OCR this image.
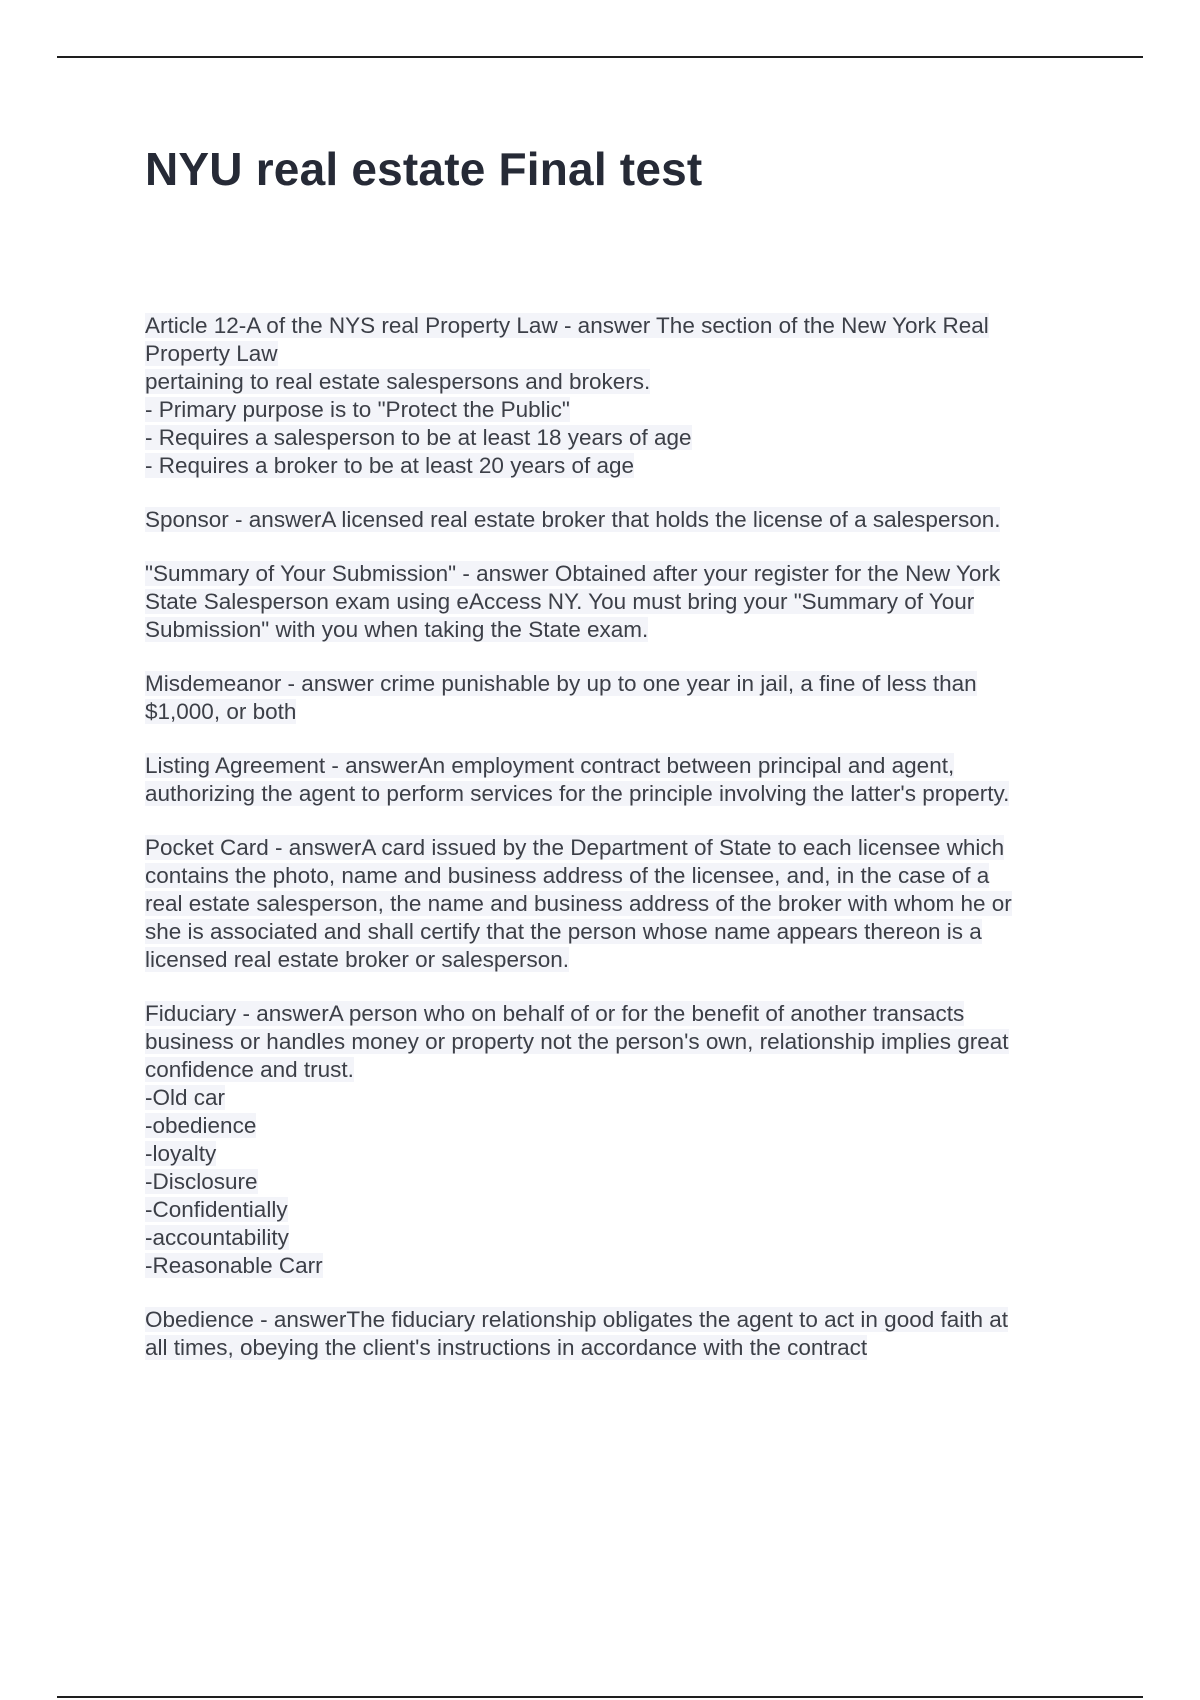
NYU real estate Final test
Article 12-A of the NYS real Property Law - answer The section of the New York Real
Property Law
pertaining to real estate salespersons and brokers.
- Primary purpose is to "Protect the Public"
- Requires a salesperson to be at least 18 years of age
- Requires a broker to be at least 20 years of age
Sponsor - answerA licensed real estate broker that holds the license of a salesperson.
"Summary of Your Submission" - answer Obtained after your register for the New York
State Salesperson exam using eAccess NY. You must bring your "Summary of Your
Submission" with you when taking the State exam.
Misdemeanor - answer crime punishable by up to one year in jail, a fine of less than
$1,000, or both
Listing Agreement - answerAn employment contract between principal and agent,
authorizing the agent to perform services for the principle involving the latter's property.
Pocket Card - answerA card issued by the Department of State to each licensee which
contains the photo, name and business address of the licensee, and, in the case of a
real estate salesperson, the name and business address of the broker with whom he or
she is associated and shall certify that the person whose name appears thereon is a
licensed real estate broker or salesperson.
Fiduciary - answerA person who on behalf of or for the benefit of another transacts
business or handles money or property not the person's own, relationship implies great
confidence and trust.
-Old car
-obedience
-loyalty
-Disclosure
-Confidentially
-accountability
-Reasonable Carr
Obedience - answerThe fiduciary relationship obligates the agent to act in good faith at
all times, obeying the client's instructions in accordance with the contract
